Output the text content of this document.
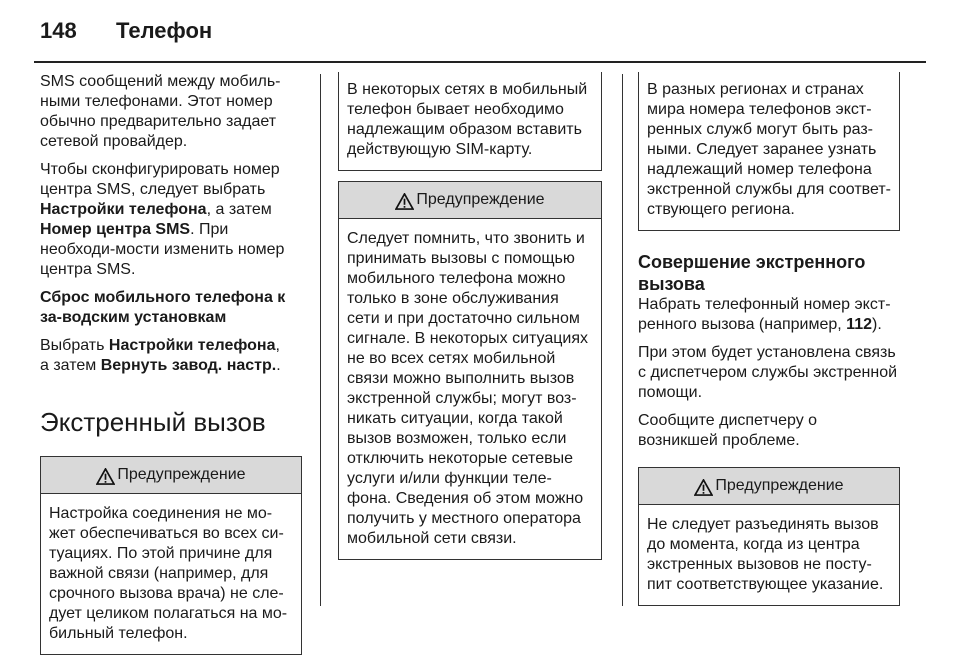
148 Телефон

SMS сообщений между мобиль-ными телефонами. Этот номер обычно предварительно задает сетевой провайдер.

Чтобы сконфигурировать номер центра SMS, следует выбрать Настройки телефона, а затем Номер центра SMS. При необходи-мости изменить номер центра SMS.

Сброс мобильного телефона к за-водским установкам

Выбрать Настройки телефона,
а затем Вернуть завод. настр..

Экстренный вызов
Предупреждение
Настройка соединения не мо-жет обеспечиваться во всех си-туациях. По этой причине для важной связи (например, для срочного вызова врача) не сле-дует целиком полагаться на мо-бильный телефон.
В некоторых сетях в мобильный телефон бывает необходимо надлежащим образом вставить действующую SIM-карту.
Предупреждение
Следует помнить, что звонить и принимать вызовы с помощью мобильного телефона можно только в зоне обслуживания сети и при достаточно сильном сигнале. В некоторых ситуациях не во всех сетях мобильной связи можно выполнить вызов экстренной службы; могут воз-никать ситуации, когда такой вызов возможен, только если отключить некоторые сетевые услуги и/или функции теле-фона. Сведения об этом можно получить у местного оператора мобильной сети связи.
В разных регионах и странах мира номера телефонов экст-ренных служб могут быть раз-ными. Следует заранее узнать надлежащий номер телефона экстренной службы для соответ-ствующего региона.
Совершение экстренного вызова

Набрать телефонный номер экст-ренного вызова (например, 112).

При этом будет установлена связь с диспетчером службы экстренной помощи.

Сообщите диспетчеру о возникшей проблеме.

Предупреждение
Не следует разъединять вызов до момента, когда из центра экстренных вызовов не посту-пит соответствующее указание.
